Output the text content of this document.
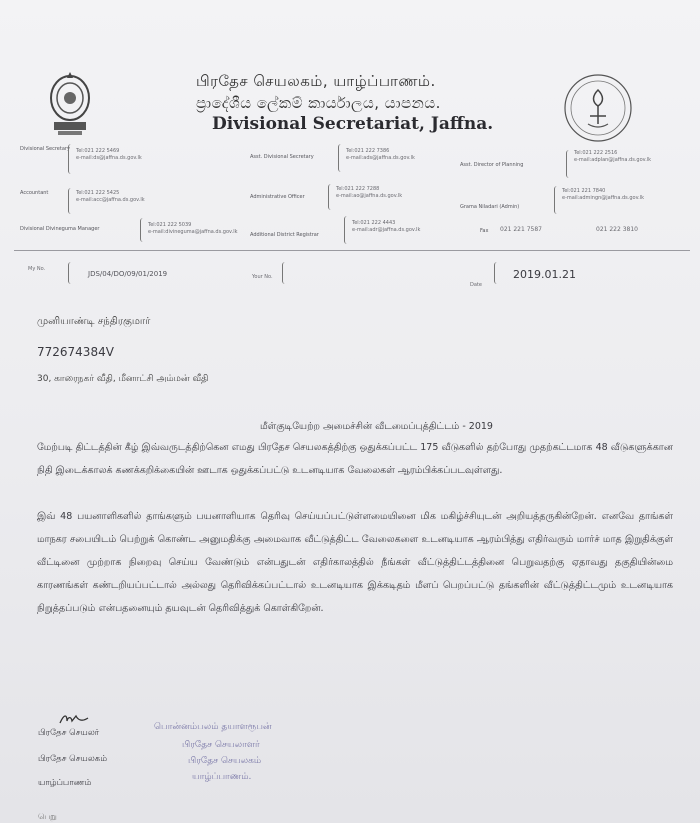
பிரதேச செயலகம், யாழ்ப்பாணம்.
ප්‍රාදේශීය ලේකම් කාර්යාලය, යාපනය.
Divisional Secretariat, Jaffna.
Divisional Secretary Tel:021 222 5469
e-mail:ds@jaffna.ds.gov.lk
Accountant	Tel:021 222 5425
e-mail:acc@jaffna.ds.gov.lk
Divisional Divineguma Manager
Tel:021 222 5039
e-mail:divineguma@jaffna.ds.gov.lk
Asst. Divisional Secretary
Tel:021 222 7386
e-mail:ads@jaffna.ds.gov.lk
Administrative Officer
Tel:021 222 7288
e-mail:ao@jaffna.ds.gov.lk
Additional District Registrar
Tel:021 222 4443
e-mail:adr@jaffna.ds.gov.lk
Asst. Director of Planning
Tel:021 222 2516
e-mail:adplan@jaffna.ds.gov.lk
Grama Niladari (Admin)
Tel:021 221 7840
e-mail:admingn@jaffna.ds.gov.lk
Fax 021 221 7587	021 222 3810
My No.
JDS/04/DO/09/01/2019	Your No.
Date
2019.01.21
முனியாண்டி சந்திரகுமார்
772674384V
30, காரைநகர் வீதி, மீனாட்சி அம்மன் வீதி
மீள்குடியேற்ற அமைச்சின் வீடமைப்புத்திட்டம் - 2019
மேற்படி திட்டத்தின் கீழ் இவ்வருடத்திற்கென எமது பிரதேச செயலகத்திற்கு ஒதுக்கப்பட்ட 175 வீடுகளில் தற்போது முதற்கட்டமாக 48 வீடுகளுக்கான நிதி இடைக்காலக் கணக்கறிக்கையின் ஊடாக ஒதுக்கப்பட்டு உடனடியாக வேலைகள் ஆரம்பிக்கப்படவுள்ளது.
இவ் 48 பயனாளிகளில் தாங்களும் பயனாளியாக தெரிவு செய்யப்பட்டுள்ளமையினை மிக மகிழ்ச்சியுடன் அறியத்தருகின்றேன். எனவே தாங்கள் மாநகர சபையிடம் பெற்றுக் கொண்ட அனுமதிக்கு அமைவாக வீட்டுத்திட்ட வேலைகளை உடனடியாக ஆரம்பித்து எதிர்வரும் மார்ச் மாத இறுதிக்குள் வீட்டினை முற்றாக நிறைவு செய்ய வேண்டும் என்பதுடன் எதிர்காலத்தில் நீங்கள் வீட்டுத்திட்டத்தினை பெறுவதற்கு ஏதாவது தகுதியின்மை காரணங்கள் கண்டறியப்பட்டால் அல்லது தெரிவிக்கப்பட்டால் உடனடியாக இக்கடிதம் மீளப் பெறப்பட்டு தங்களின் வீட்டுத்திட்டமும் உடனடியாக நிறுத்தப்படும் என்பதனையும் தயவுடன் தெரிவித்துக் கொள்கிறேன்.
பிரதேச செயலர்
பிரதேச செயலகம்
யாழ்ப்பாணம்
பொன்னம்பலம் தயாளரூபன்
பிரதேச செயலாளர்
பிரதேச செயலகம்
யாழ்ப்பாணம்.
பெறு
